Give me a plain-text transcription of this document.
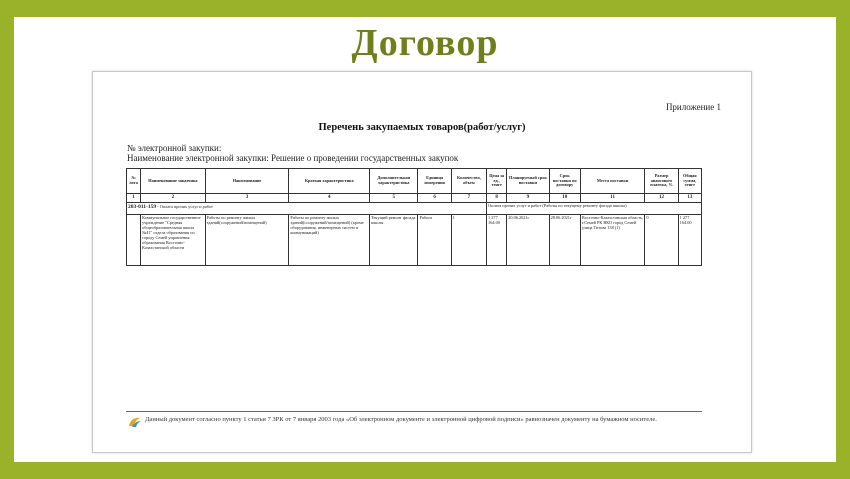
Договор
Приложение 1
Перечень закупаемых товаров(работ/услуг)
№ электронной закупки:
Наименование электронной закупки: Решение о проведении государственных закупок
№ лота	Наименование заказчика	Наименование	Краткая характеристика	Дополнительная характеристика	Единица измерения	Количество, объем	Цена за ед., тенге	Планируемый срок поставки	Срок поставки по договору	Места поставки	Размер авансового платежа, %	Общая сумма, тенге
1	2	3	4	5	6	7	8	9	10	11	12	13
203-011-159 - Оплата прочих услуг и работ							Оплата прочих услуг и работ (Работы по текущему ремонту фасада школы)					
	Коммунальное государственное учреждение "Средняя общеобразовательная школа №41" отдела образования по городу Семей управления образования Восточно-Казахстанской области	Работы по ремонту жилых зданий(сооружений/помещений)	Работы по ремонту жилых зданий(сооружений/помещений) (кроме оборудования, инженерных систем и коммуникаций)	Текущий ремонт фасада школы	Работа	1	1 277 164.00	20.06.2021г	28.06.2021г	Восточно-Казахстанская область, г.Семей РК ВКО город Семей улица Титова 138 (1)	0	1 277 164.00
Данный документ согласно пункту 1 статьи 7 ЗРК от 7 января 2003 года «Об электронном документе и электронной цифровой подписи» равнозначен документу на бумажном носителе.
